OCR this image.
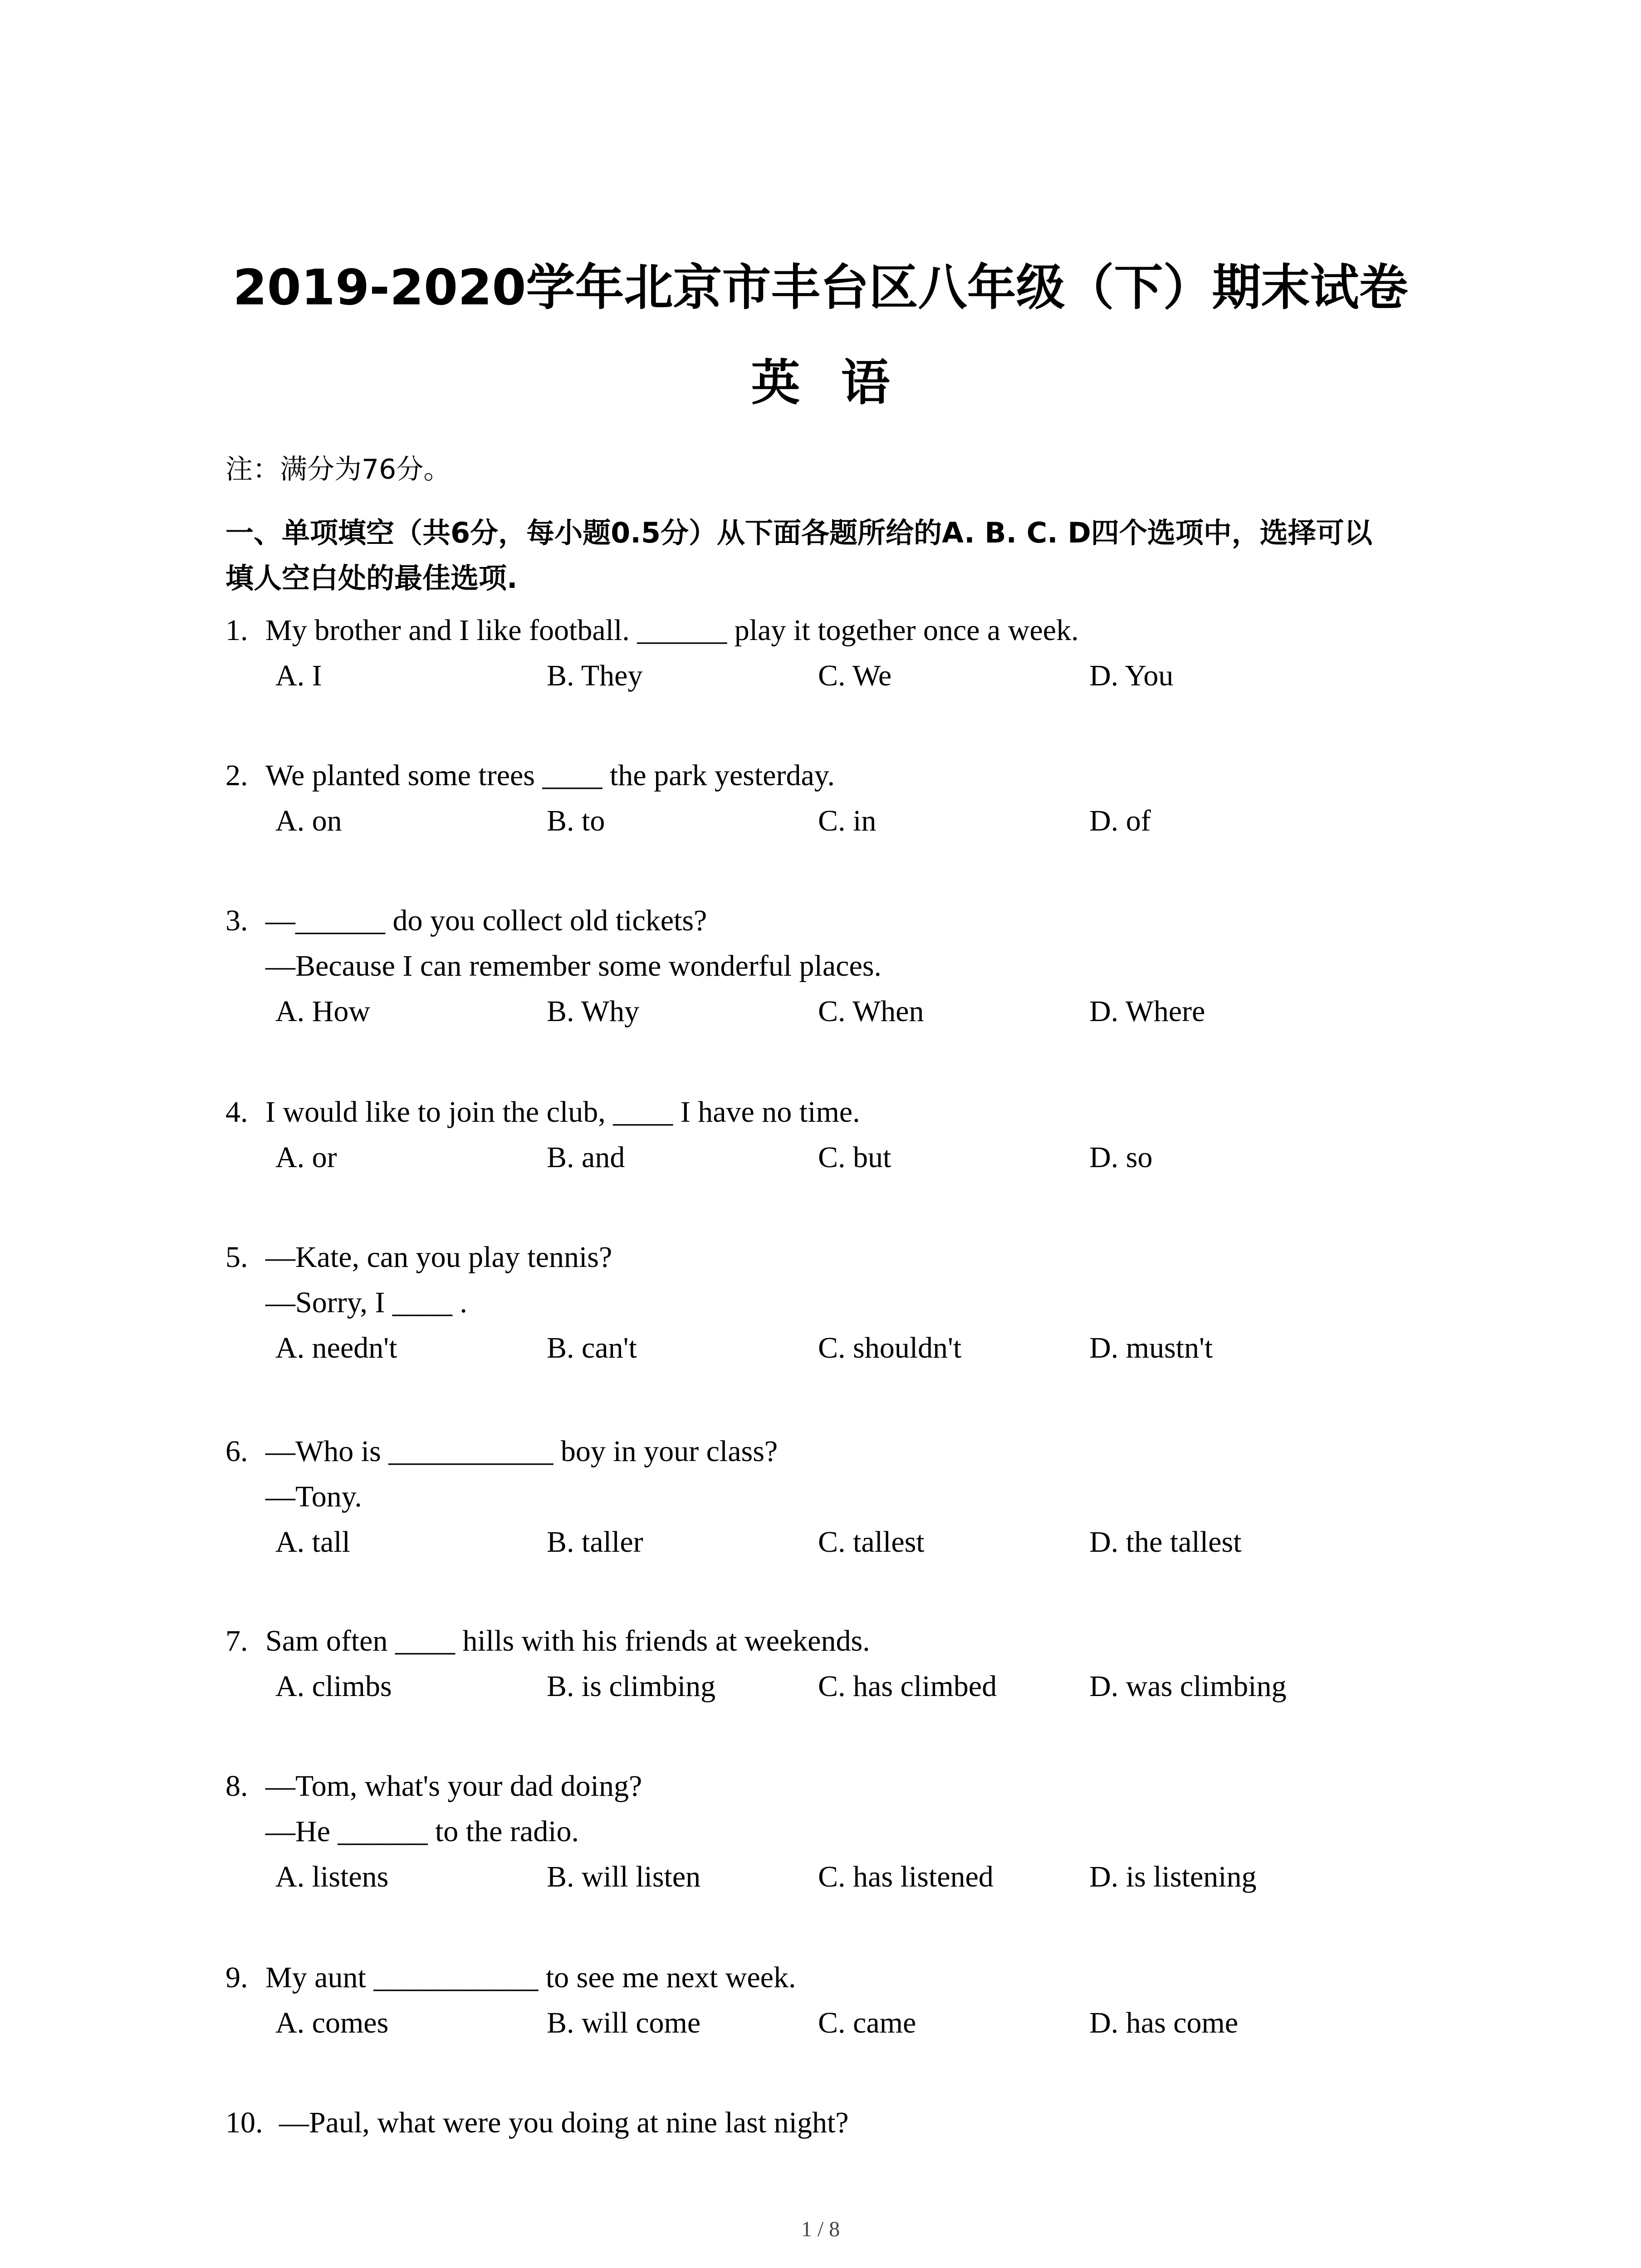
2019-2020学年北京市丰台区八年级（下）期末试卷
英语
注：满分为76分。
一、单项填空（共6分，每小题0.5分）从下面各题所给的A. B. C. D四个选项中，选择可以
填人空白处的最佳选项.
1. My brother and I like football. ______ play it together once a week.
A. I	B. They	C. We	D. You
2. We planted some trees ____ the park yesterday.
A. on	B. to	C. in	D. of
3. —______ do you collect old tickets?
—Because I can remember some wonderful places.
A. How	B. Why	C. When	D. Where
4. I would like to join the club, ____ I have no time.
A. or	B. and	C. but	D. so
5. —Kate, can you play tennis?
—Sorry, I ____ .
A. needn't	B. can't	C. shouldn't	D. mustn't
6. —Who is ___________ boy in your class?
—Tony.
A. tall	B. taller	C. tallest	D. the tallest
7. Sam often ____ hills with his friends at weekends.
A. climbs	B. is climbing	C. has climbed	D. was climbing
8. —Tom, what's your dad doing?
—He ______ to the radio.
A. listens	B. will listen	C. has listened	D. is listening
9. My aunt ___________ to see me next week.
A. comes	B. will come	C. came	D. has come
10. —Paul, what were you doing at nine last night?
1 / 8
